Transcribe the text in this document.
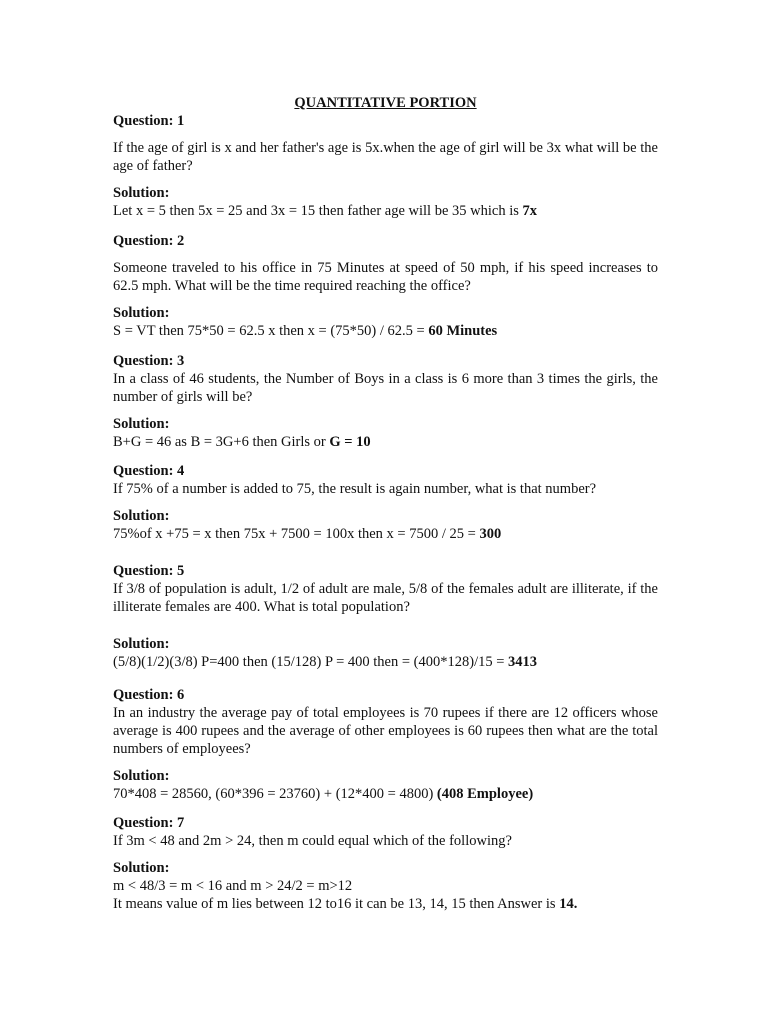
QUANTITATIVE PORTION

Question: 1

If the age of girl is x and her father's age is 5x.when the age of girl will be 3x what will be the age of father?

Solution:

Let x = 5 then 5x = 25 and 3x = 15 then father age will be 35 which is 7x

Question: 2

Someone traveled to his office in 75 Minutes at speed of 50 mph, if his speed increases to 62.5 mph. What will be the time required reaching the office?

Solution:

S = VT then 75*50 = 62.5 x then x = (75*50) / 62.5 = 60 Minutes

Question: 3

In a class of 46 students, the Number of Boys in a class is 6 more than 3 times the girls, the number of girls will be?

Solution:

B+G = 46 as B = 3G+6 then Girls or G = 10

Question: 4

If 75% of a number is added to 75, the result is again number, what is that number?

Solution:

75%of x +75 = x then 75x + 7500 = 100x then x = 7500 / 25 = 300

Question: 5

If 3/8 of population is adult, 1/2 of adult are male, 5/8 of the females adult are illiterate, if the illiterate females are 400. What is total population?

Solution:

(5/8)(1/2)(3/8) P=400 then (15/128) P = 400 then = (400*128)/15 = 3413

Question: 6

In an industry the average pay of total employees is 70 rupees if there are 12 officers whose average is 400 rupees and the average of other employees is 60 rupees then what are the total numbers of employees?

Solution:

70*408 = 28560, (60*396 = 23760) + (12*400 = 4800) (408 Employee)

Question: 7

If 3m < 48 and 2m > 24, then m could equal which of the following?

Solution:

m < 48/3 = m < 16 and m > 24/2 = m>12

It means value of m lies between 12 to16 it can be 13, 14, 15 then Answer is 14.
